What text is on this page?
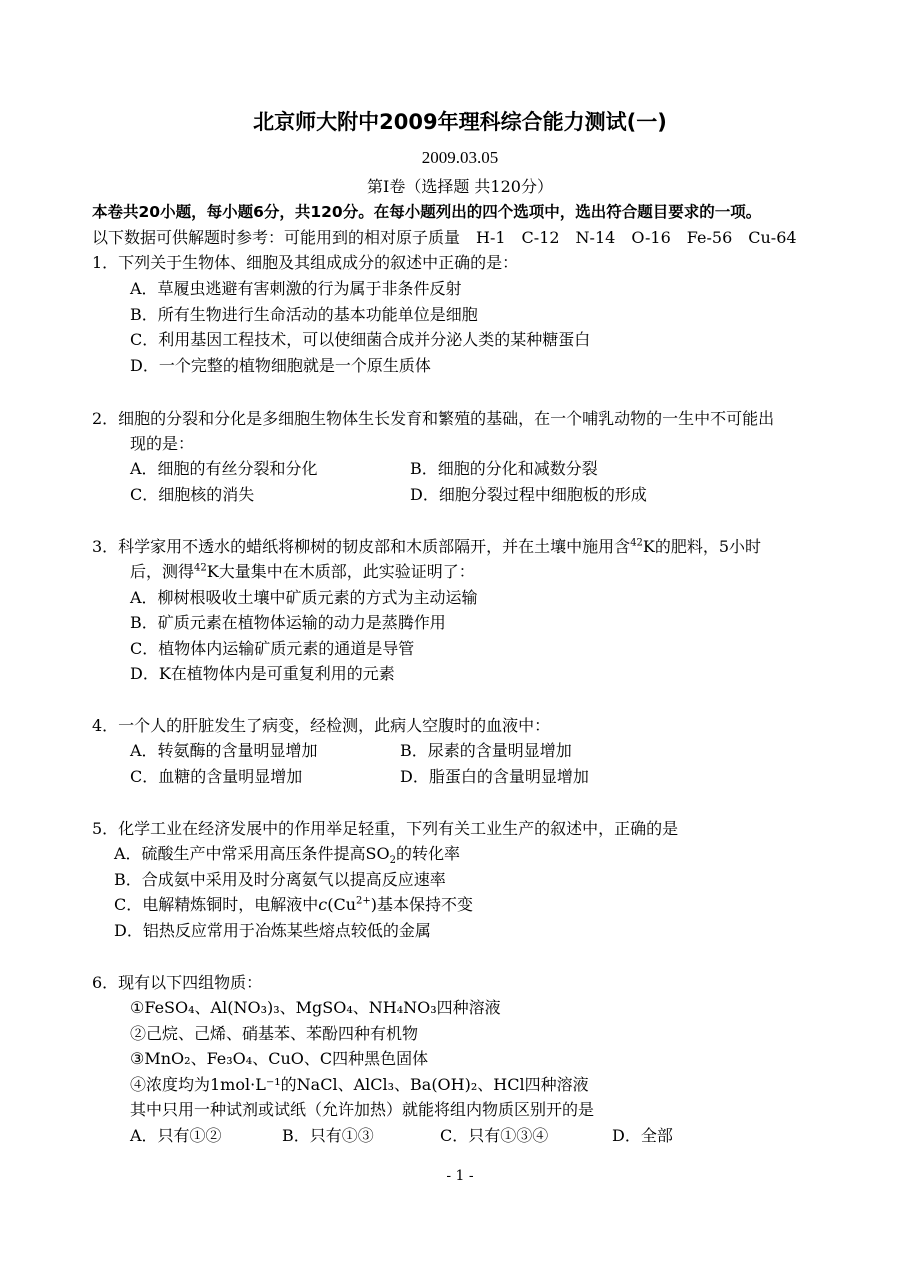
北京师大附中2009年理科综合能力测试(一)
2009.03.05
第Ⅰ卷（选择题 共120分）
本卷共20小题，每小题6分，共120分。在每小题列出的四个选项中，选出符合题目要求的一项。
以下数据可供解题时参考：可能用到的相对原子质量　H-1　C-12　N-14　O-16　Fe-56　Cu-64
1．下列关于生物体、细胞及其组成成分的叙述中正确的是：
A．草履虫逃避有害刺激的行为属于非条件反射
B．所有生物进行生命活动的基本功能单位是细胞
C．利用基因工程技术，可以使细菌合成并分泌人类的某种糖蛋白
D．一个完整的植物细胞就是一个原生质体
2．细胞的分裂和分化是多细胞生物体生长发育和繁殖的基础，在一个哺乳动物的一生中不可能出
现的是：
A．细胞的有丝分裂和分化	B．细胞的分化和减数分裂
C．细胞核的消失	D．细胞分裂过程中细胞板的形成
3．科学家用不透水的蜡纸将柳树的韧皮部和木质部隔开，并在土壤中施用含$^{42}$K的肥料，5小时
后，测得$^{42}$K大量集中在木质部，此实验证明了：
A．柳树根吸收土壤中矿质元素的方式为主动运输
B．矿质元素在植物体运输的动力是蒸腾作用
C．植物体内运输矿质元素的通道是导管
D．K在植物体内是可重复利用的元素
4．一个人的肝脏发生了病变，经检测，此病人空腹时的血液中：
A．转氨酶的含量明显增加	B．尿素的含量明显增加
C．血糖的含量明显增加	D．脂蛋白的含量明显增加
5．化学工业在经济发展中的作用举足轻重，下列有关工业生产的叙述中，正确的是
A．硫酸生产中常采用高压条件提高$SO_2$的转化率
B．合成氨中采用及时分离氨气以提高反应速率
C．电解精炼铜时，电解液中$c(Cu^{2+})$基本保持不变
D．铝热反应常用于冶炼某些熔点较低的金属
6．现有以下四组物质：
①FeSO₄、Al(NO₃)₃、MgSO₄、NH₄NO₃四种溶液
②己烷、己烯、硝基苯、苯酚四种有机物
③MnO₂、Fe₃O₄、CuO、C四种黑色固体
④浓度均为1mol·L⁻¹的NaCl、AlCl₃、Ba(OH)₂、HCl四种溶液
其中只用一种试剂或试纸（允许加热）就能将组内物质区别开的是
A．只有①②	B．只有①③	C．只有①③④	D．全部
- 1 -
